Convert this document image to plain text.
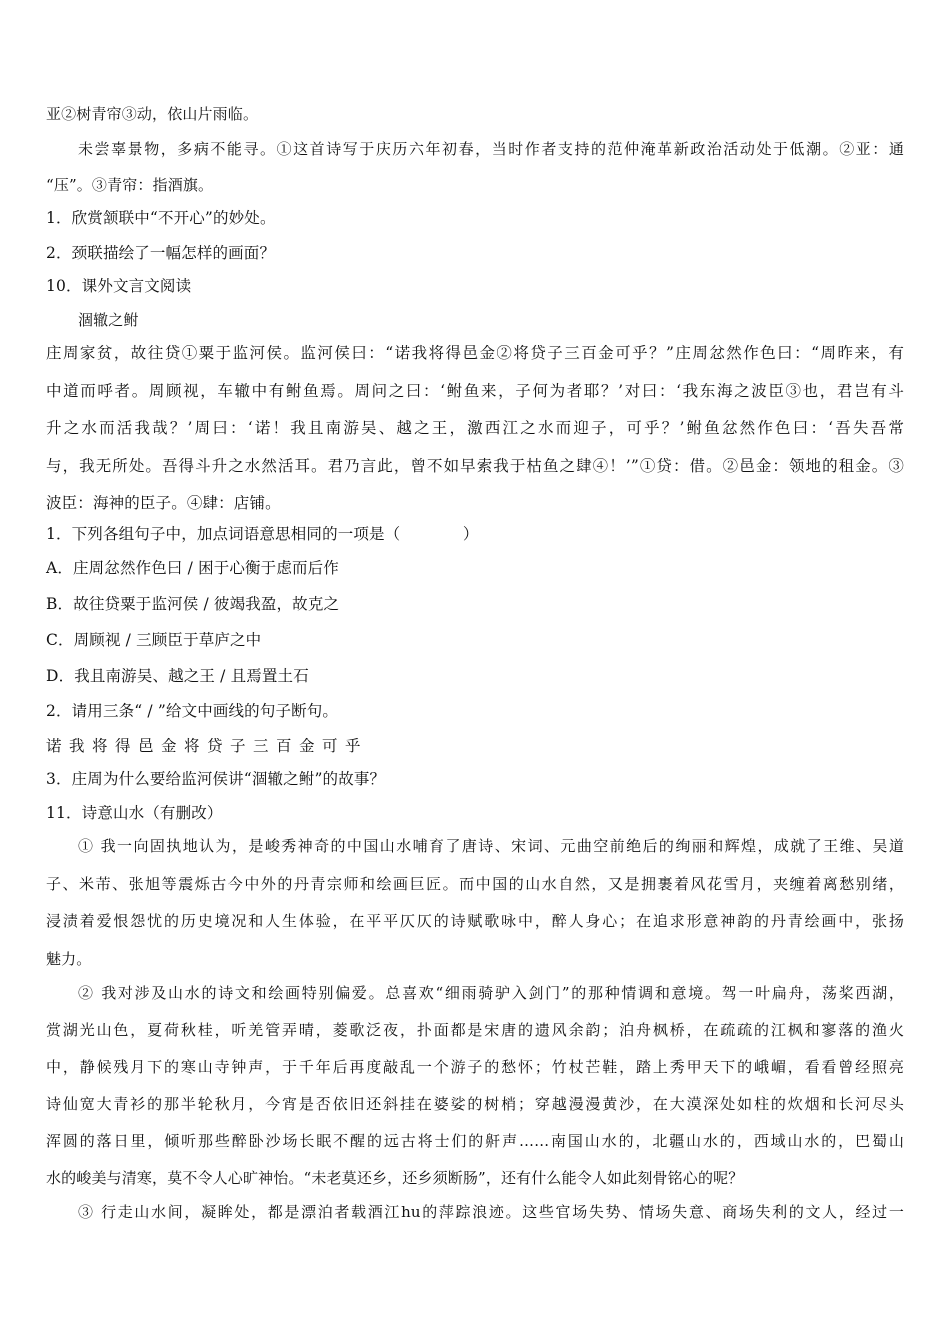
亚②树青帘③动，依山片雨临。
未尝辜景物，多病不能寻。①这首诗写于庆历六年初春，当时作者支持的范仲淹革新政治活动处于低潮。②亚：通
“压”。③青帘：指酒旗。
1．欣赏颔联中“不开心”的妙处。
2．颈联描绘了一幅怎样的画面？
10．课外文言文阅读
涸辙之鲋
庄周家贫，故往贷①粟于监河侯。监河侯曰：“诺我将得邑金②将贷子三百金可乎？”庄周忿然作色曰：“周昨来，有
中道而呼者。周顾视，车辙中有鲋鱼焉。周问之曰：‘鲋鱼来，子何为者耶？’对曰：‘我东海之波臣③也，君岂有斗
升之水而活我哉？’周曰：‘诺！我且南游吴、越之王，激西江之水而迎子，可乎？’鲋鱼忿然作色曰：‘吾失吾常
与，我无所处。吾得斗升之水然活耳。君乃言此，曾不如早索我于枯鱼之肆④！’”①贷：借。②邑金：领地的租金。③
波臣：海神的臣子。④肆：店铺。
1．下列各组句子中，加点词语意思相同的一项是（　　　　）
A．庄周忿然作色曰 / 困于心衡于虑而后作
B．故往贷粟于监河侯 / 彼竭我盈，故克之
C．周顾视 / 三顾臣于草庐之中
D．我且南游吴、越之王 / 且焉置土石
2．请用三条“ / ”给文中画线的句子断句。
诺我将得邑金将贷子三百金可乎
3．庄周为什么要给监河侯讲“涸辙之鲋”的故事？
11．诗意山水（有删改）
① 我一向固执地认为，是峻秀神奇的中国山水哺育了唐诗、宋词、元曲空前绝后的绚丽和辉煌，成就了王维、吴道
子、米芾、张旭等震烁古今中外的丹青宗师和绘画巨匠。而中国的山水自然，又是拥裹着风花雪月，夹缠着离愁别绪，
浸渍着爱恨怨忧的历史境况和人生体验，在平平仄仄的诗赋歌咏中，醉人身心；在追求形意神韵的丹青绘画中，张扬
魅力。
② 我对涉及山水的诗文和绘画特别偏爱。总喜欢“细雨骑驴入剑门”的那种情调和意境。驾一叶扁舟，荡桨西湖，
赏湖光山色，夏荷秋桂，听羌管弄晴，菱歌泛夜，扑面都是宋唐的遗风余韵；泊舟枫桥，在疏疏的江枫和寥落的渔火
中，静候残月下的寒山寺钟声，于千年后再度敲乱一个游子的愁怀；竹杖芒鞋，踏上秀甲天下的峨嵋，看看曾经照亮
诗仙宽大青衫的那半轮秋月，今宵是否依旧还斜挂在婆娑的树梢；穿越漫漫黄沙，在大漠深处如柱的炊烟和长河尽头
浑圆的落日里，倾听那些醉卧沙场长眠不醒的远古将士们的鼾声……南国山水的，北疆山水的，西域山水的，巴蜀山
水的峻美与清寒，莫不令人心旷神怡。“未老莫还乡，还乡须断肠”，还有什么能令人如此刻骨铭心的呢？
③ 行走山水间，凝眸处，都是漂泊者载酒江hu的萍踪浪迹。这些官场失势、情场失意、商场失利的文人，经过一
